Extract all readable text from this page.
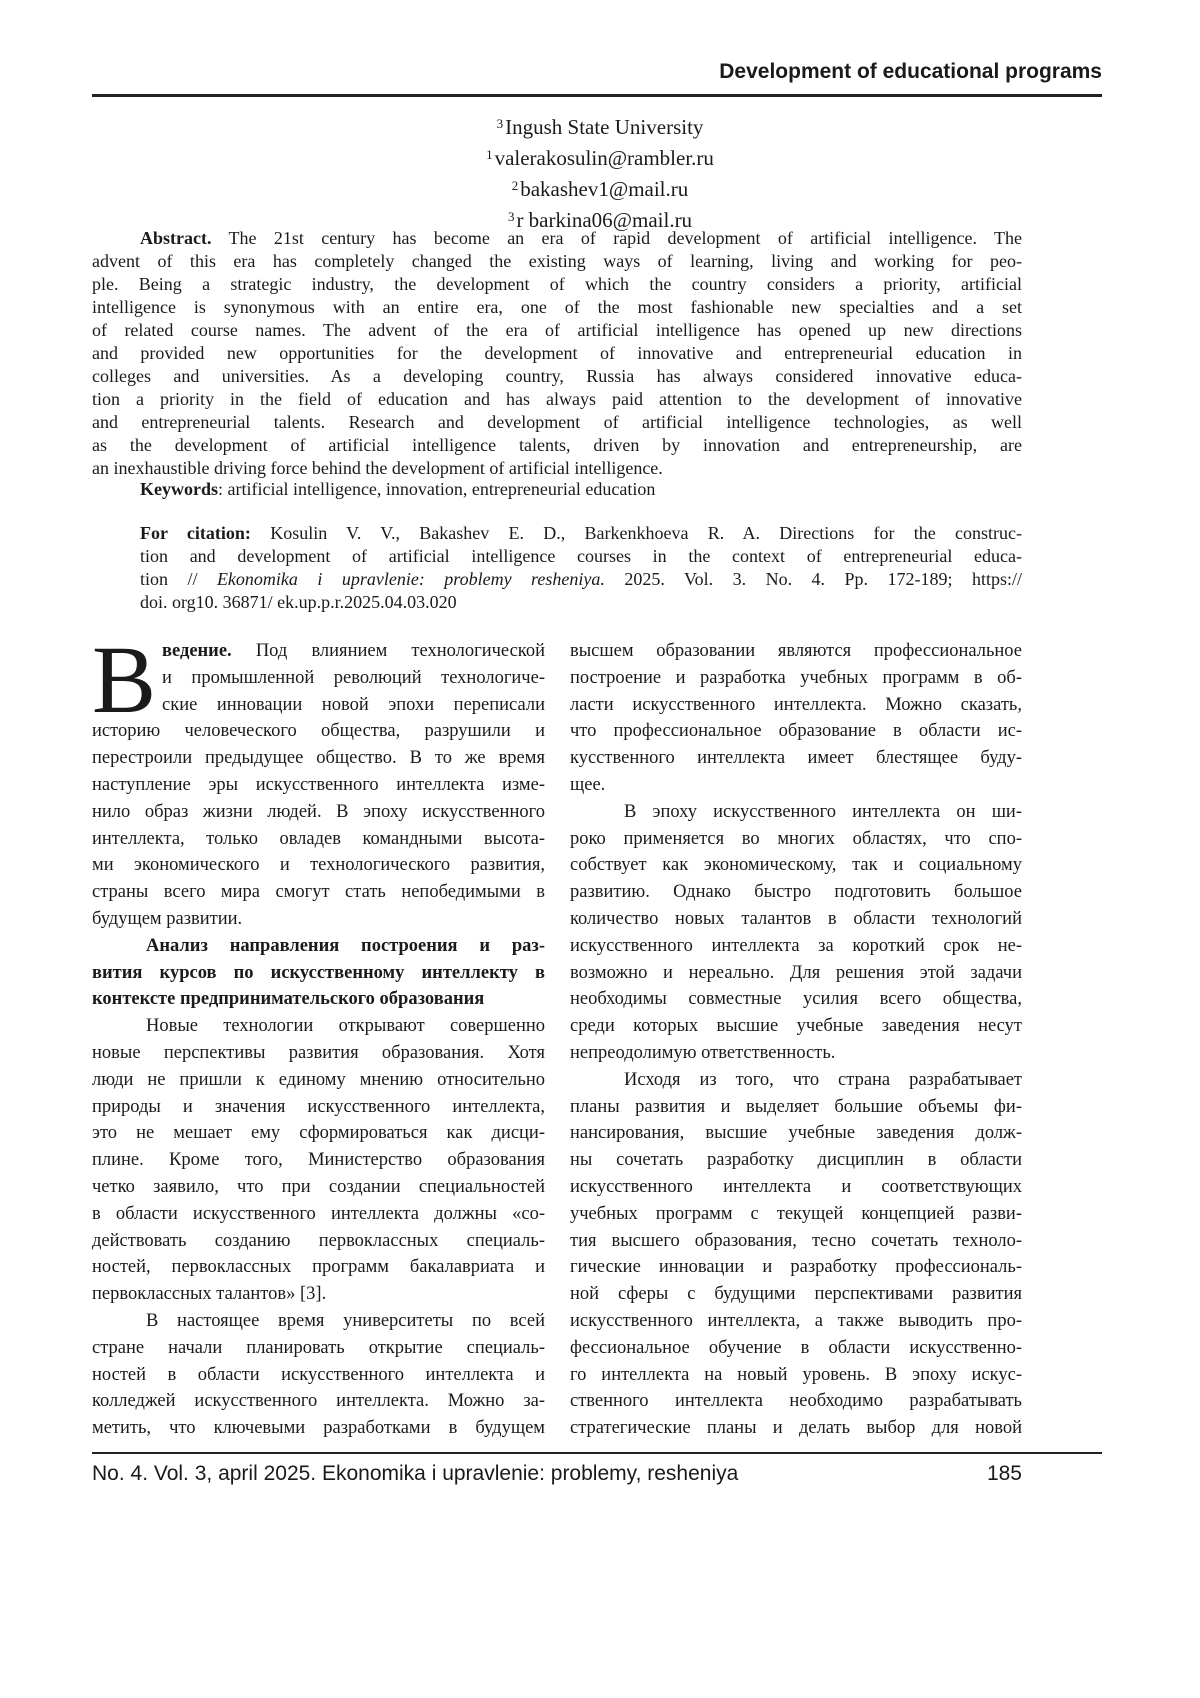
Development of educational programs
3Ingush State University
1valerakosulin@rambler.ru
2bakashev1@mail.ru
3r barkina06@mail.ru
Abstract. The 21st century has become an era of rapid development of artificial intelligence. The
advent of this era has completely changed the existing ways of learning, living and working for peo-
ple. Being a strategic industry, the development of which the country considers a priority, artificial
intelligence is synonymous with an entire era, one of the most fashionable new specialties and a set
of related course names. The advent of the era of artificial intelligence has opened up new directions
and provided new opportunities for the development of innovative and entrepreneurial education in
colleges and universities. As a developing country, Russia has always considered innovative educa-
tion a priority in the field of education and has always paid attention to the development of innovative
and entrepreneurial talents. Research and development of artificial intelligence technologies, as well
as the development of artificial intelligence talents, driven by innovation and entrepreneurship, are
an inexhaustible driving force behind the development of artificial intelligence.
Keywords: artificial intelligence, innovation, entrepreneurial education
For citation: Kosulin V. V., Bakashev E. D., Barkenkhoeva R. A. Directions for the construc-
tion and development of artificial intelligence courses in the context of entrepreneurial educa-
tion // Ekonomika i upravlenie: problemy resheniya. 2025. Vol. 3. No. 4. Pp. 172-189; https://
doi. org10. 36871/ ek.up.p.r.2025.04.03.020
В ведение. Под влиянием технологической
и промышленной революций технологиче-
ские инновации новой эпохи переписали
историю человеческого общества, разрушили и
перестроили предыдущее общество. В то же время
наступление эры искусственного интеллекта изме-
нило образ жизни людей. В эпоху искусственного
интеллекта, только овладев командными высота-
ми экономического и технологического развития,
страны всего мира смогут стать непобедимыми в
будущем развитии.
Анализ направления построения и раз-
вития курсов по искусственному интеллекту в
контексте предпринимательского образования
Новые технологии открывают совершенно
новые перспективы развития образования. Хотя
люди не пришли к единому мнению относительно
природы и значения искусственного интеллекта,
это не мешает ему сформироваться как дисци-
плине. Кроме того, Министерство образования
четко заявило, что при создании специальностей
в области искусственного интеллекта должны «со-
действовать созданию первоклассных специаль-
ностей, первоклассных программ бакалавриата и
первоклассных талантов» [3].
В настоящее время университеты по всей
стране начали планировать открытие специаль-
ностей в области искусственного интеллекта и
колледжей искусственного интеллекта. Можно за-
метить, что ключевыми разработками в будущем
высшем образовании являются профессиональное
построение и разработка учебных программ в об-
ласти искусственного интеллекта. Можно сказать,
что профессиональное образование в области ис-
кусственного интеллекта имеет блестящее буду-
щее.
В эпоху искусственного интеллекта он ши-
роко применяется во многих областях, что спо-
собствует как экономическому, так и социальному
развитию. Однако быстро подготовить большое
количество новых талантов в области технологий
искусственного интеллекта за короткий срок не-
возможно и нереально. Для решения этой задачи
необходимы совместные усилия всего общества,
среди которых высшие учебные заведения несут
непреодолимую ответственность.
Исходя из того, что страна разрабатывает
планы развития и выделяет большие объемы фи-
нансирования, высшие учебные заведения долж-
ны сочетать разработку дисциплин в области
искусственного интеллекта и соответствующих
учебных программ с текущей концепцией разви-
тия высшего образования, тесно сочетать техноло-
гические инновации и разработку профессиональ-
ной сферы с будущими перспективами развития
искусственного интеллекта, а также выводить про-
фессиональное обучение в области искусственно-
го интеллекта на новый уровень. В эпоху искус-
ственного интеллекта необходимо разрабатывать
стратегические планы и делать выбор для новой
No. 4. Vol. 3, april 2025. Ekonomika i upravlenie: problemy, resheniya	185
